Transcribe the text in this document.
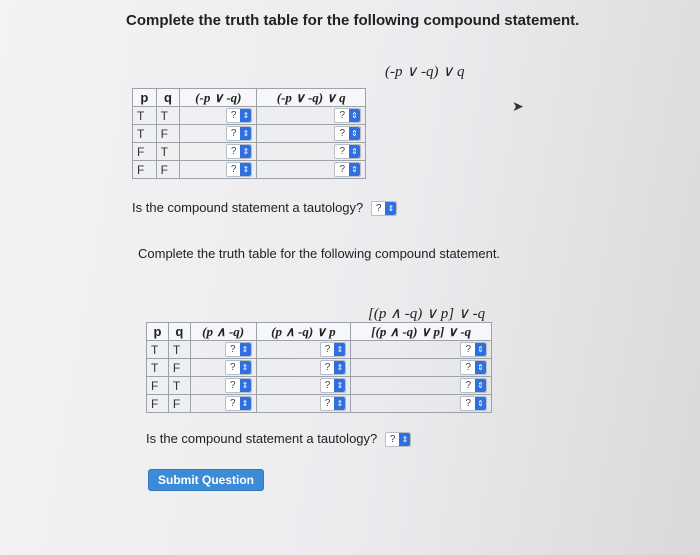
Complete the truth table for the following compound statement.
(-p ∨ -q) ∨ q
p	q	(-p ∨ -q)	(-p ∨ -q) ∨ q
T	T	? ⇕	? ⇕

T	F	? ⇕	? ⇕

F	T	? ⇕	? ⇕

F	F	? ⇕	? ⇕
Is the compound statement a tautology?	? ⇕
Complete the truth table for the following compound statement.
[(p ∧ -q) ∨ p] ∨ -q
p	q	(p ∧ -q)	(p ∧ -q) ∨ p	[(p ∧ -q) ∨ p] ∨ -q
T	T	? ⇕	? ⇕	? ⇕

T	F	? ⇕	? ⇕	? ⇕

F	T	? ⇕	? ⇕	? ⇕

F	F	? ⇕	? ⇕	? ⇕
Is the compound statement a tautology?	? ⇕
Submit Question
➤
